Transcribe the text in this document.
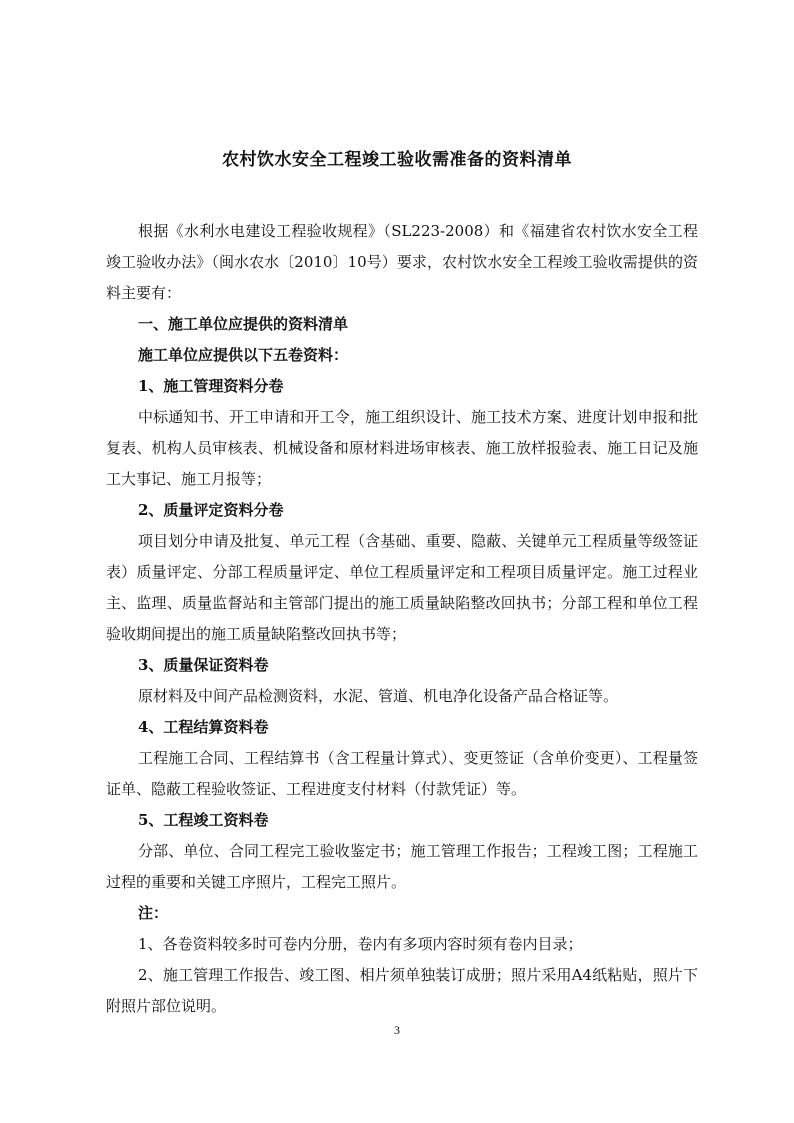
农村饮水安全工程竣工验收需准备的资料清单

根据《水利水电建设工程验收规程》（SL223-2008）和《福建省农村饮水安全工程竣工验收办法》（闽水农水〔2010〕10号）要求，农村饮水安全工程竣工验收需提供的资料主要有：

一、施工单位应提供的资料清单

施工单位应提供以下五卷资料：

1、施工管理资料分卷

中标通知书、开工申请和开工令，施工组织设计、施工技术方案、进度计划申报和批复表、机构人员审核表、机械设备和原材料进场审核表、施工放样报验表、施工日记及施工大事记、施工月报等；

2、质量评定资料分卷

项目划分申请及批复、单元工程（含基础、重要、隐蔽、关键单元工程质量等级签证表）质量评定、分部工程质量评定、单位工程质量评定和工程项目质量评定。施工过程业主、监理、质量监督站和主管部门提出的施工质量缺陷整改回执书；分部工程和单位工程验收期间提出的施工质量缺陷整改回执书等；

3、质量保证资料卷

原材料及中间产品检测资料，水泥、管道、机电净化设备产品合格证等。

4、工程结算资料卷

工程施工合同、工程结算书（含工程量计算式）、变更签证（含单价变更）、工程量签证单、隐蔽工程验收签证、工程进度支付材料（付款凭证）等。

5、工程竣工资料卷

分部、单位、合同工程完工验收鉴定书；施工管理工作报告；工程竣工图；工程施工过程的重要和关键工序照片，工程完工照片。

注：

1、各卷资料较多时可卷内分册，卷内有多项内容时须有卷内目录；

2、施工管理工作报告、竣工图、相片须单独装订成册；照片采用A4纸粘贴，照片下附照片部位说明。

3
